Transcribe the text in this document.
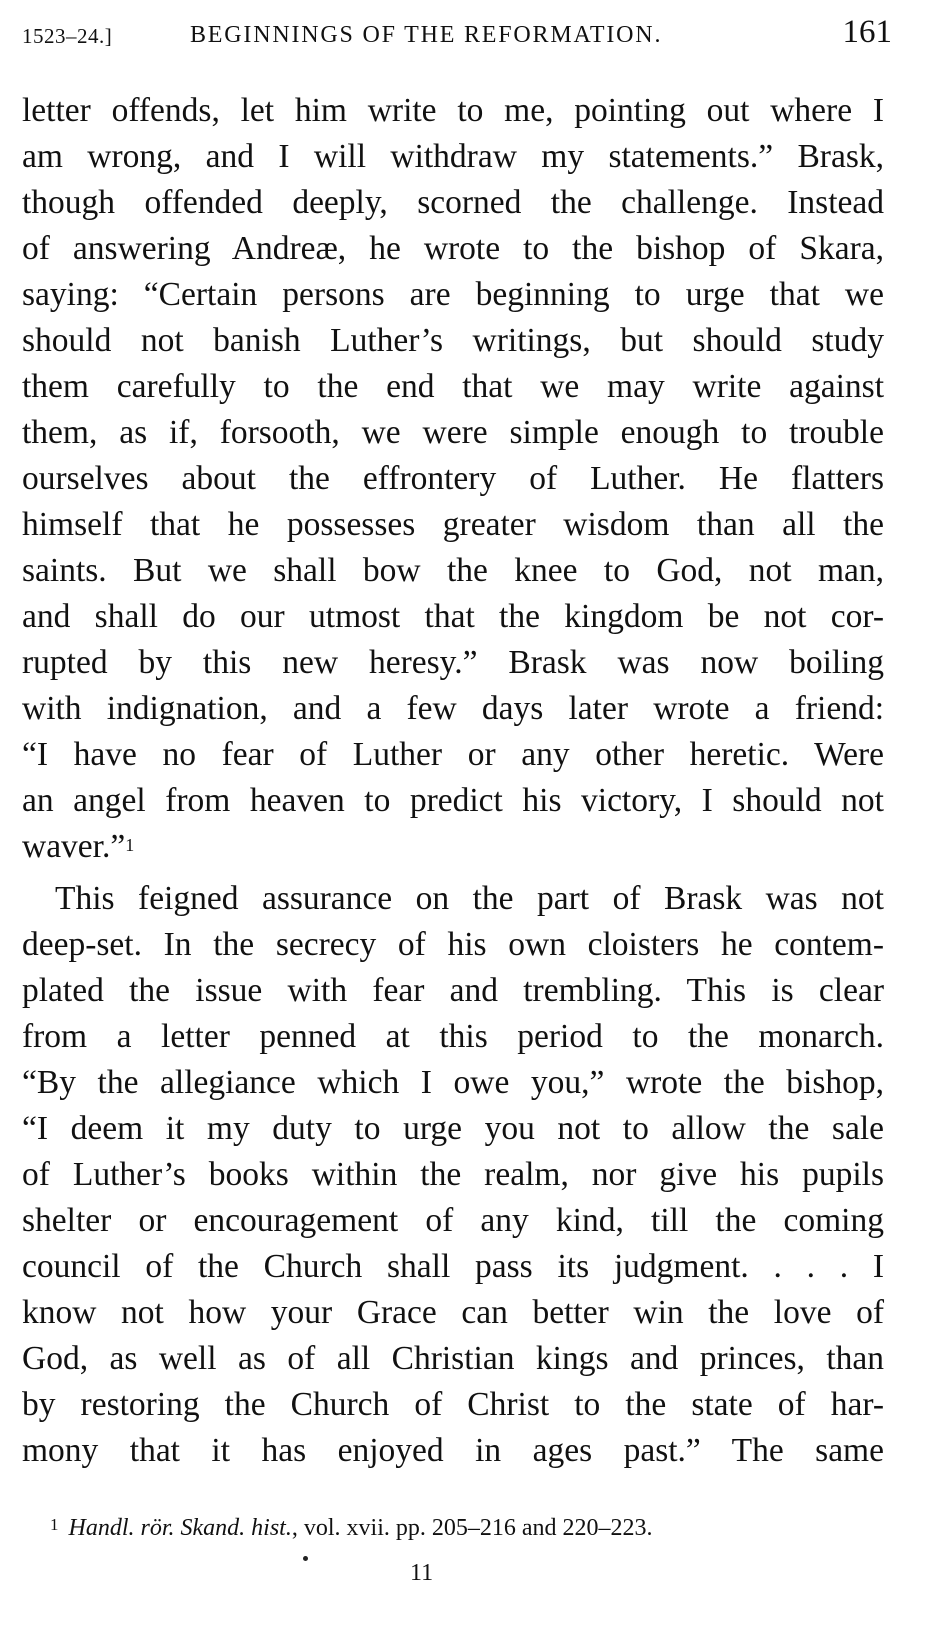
1523–24.]	BEGINNINGS OF THE REFORMATION.	161
letter offends, let him write to me, pointing out where I
am wrong, and I will withdraw my statements.” Brask,
though offended deeply, scorned the challenge. Instead
of answering Andreæ, he wrote to the bishop of Skara,
saying: “Certain persons are beginning to urge that we
should not banish Luther’s writings, but should study
them carefully to the end that we may write against
them, as if, forsooth, we were simple enough to trouble
ourselves about the effrontery of Luther. He flatters
himself that he possesses greater wisdom than all the
saints. But we shall bow the knee to God, not man,
and shall do our utmost that the kingdom be not cor-
rupted by this new heresy.” Brask was now boiling
with indignation, and a few days later wrote a friend:
“I have no fear of Luther or any other heretic. Were
an angel from heaven to predict his victory, I should not
waver.”$^1$
This feigned assurance on the part of Brask was not
deep-set. In the secrecy of his own cloisters he contem-
plated the issue with fear and trembling. This is clear
from a letter penned at this period to the monarch.
“By the allegiance which I owe you,” wrote the bishop,
“I deem it my duty to urge you not to allow the sale
of Luther’s books within the realm, nor give his pupils
shelter or encouragement of any kind, till the coming
council of the Church shall pass its judgment. . . . I
know not how your Grace can better win the love of
God, as well as of all Christian kings and princes, than
by restoring the Church of Christ to the state of har-
mony that it has enjoyed in ages past.” The same
$^1$ Handl. rör. Skand. hist., vol. xvii. pp. 205–216 and 220–223.
11
